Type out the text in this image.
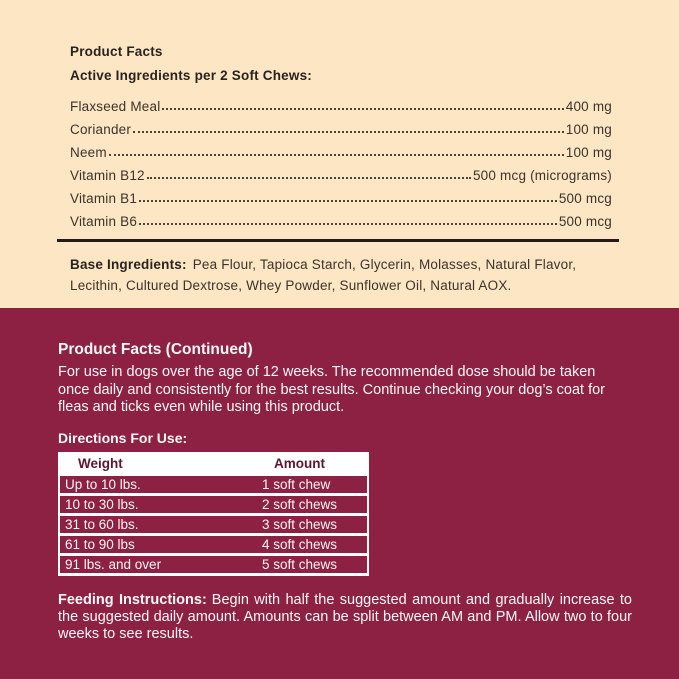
Product Facts
Active Ingredients per 2 Soft Chews:
Flaxseed Meal	400 mg
Coriander	100 mg
Neem	100 mg
Vitamin B12	500 mcg (micrograms)
Vitamin B1	500 mcg
Vitamin B6	500 mcg

Base Ingredients: Pea Flour, Tapioca Starch, Glycerin, Molasses, Natural Flavor, Lecithin, Cultured Dextrose, Whey Powder, Sunflower Oil, Natural AOX.

Product Facts (Continued)

For use in dogs over the age of 12 weeks. The recommended dose should be taken once daily and consistently for the best results. Continue checking your dog’s coat for fleas and ticks even while using this product.

Directions For Use:
Weight	Amount
Up to 10 lbs.	1 soft chew
10 to 30 lbs.	2 soft chews
31 to 60 lbs.	3 soft chews
61 to 90 lbs	4 soft chews
91 lbs. and over	5 soft chews

Feeding Instructions: Begin with half the suggested amount and gradually increase to the suggested daily amount. Amounts can be split between AM and PM. Allow two to four weeks to see results.
